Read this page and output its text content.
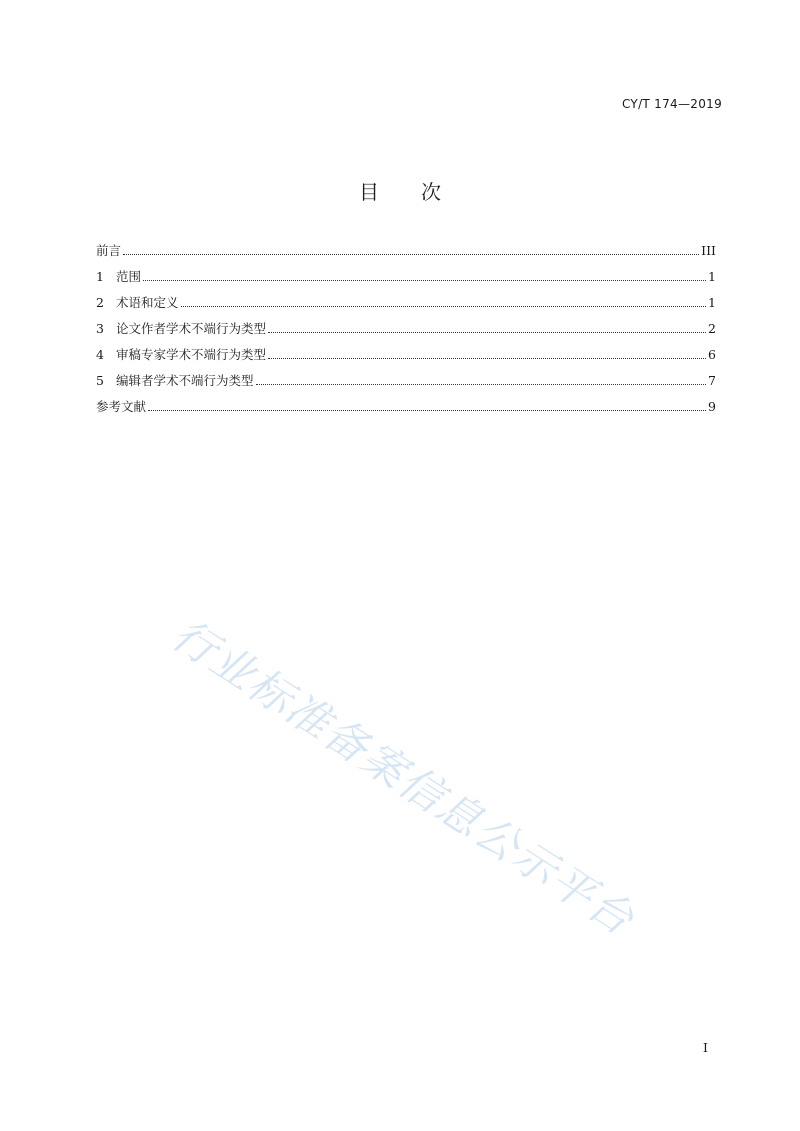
CY/T 174—2019
目次
前言	III
1 范围	1
2 术语和定义	1
3 论文作者学术不端行为类型	2
4 审稿专家学术不端行为类型	6
5 编辑者学术不端行为类型	7
参考文献	9
行业标准备案信息公示平台
I
